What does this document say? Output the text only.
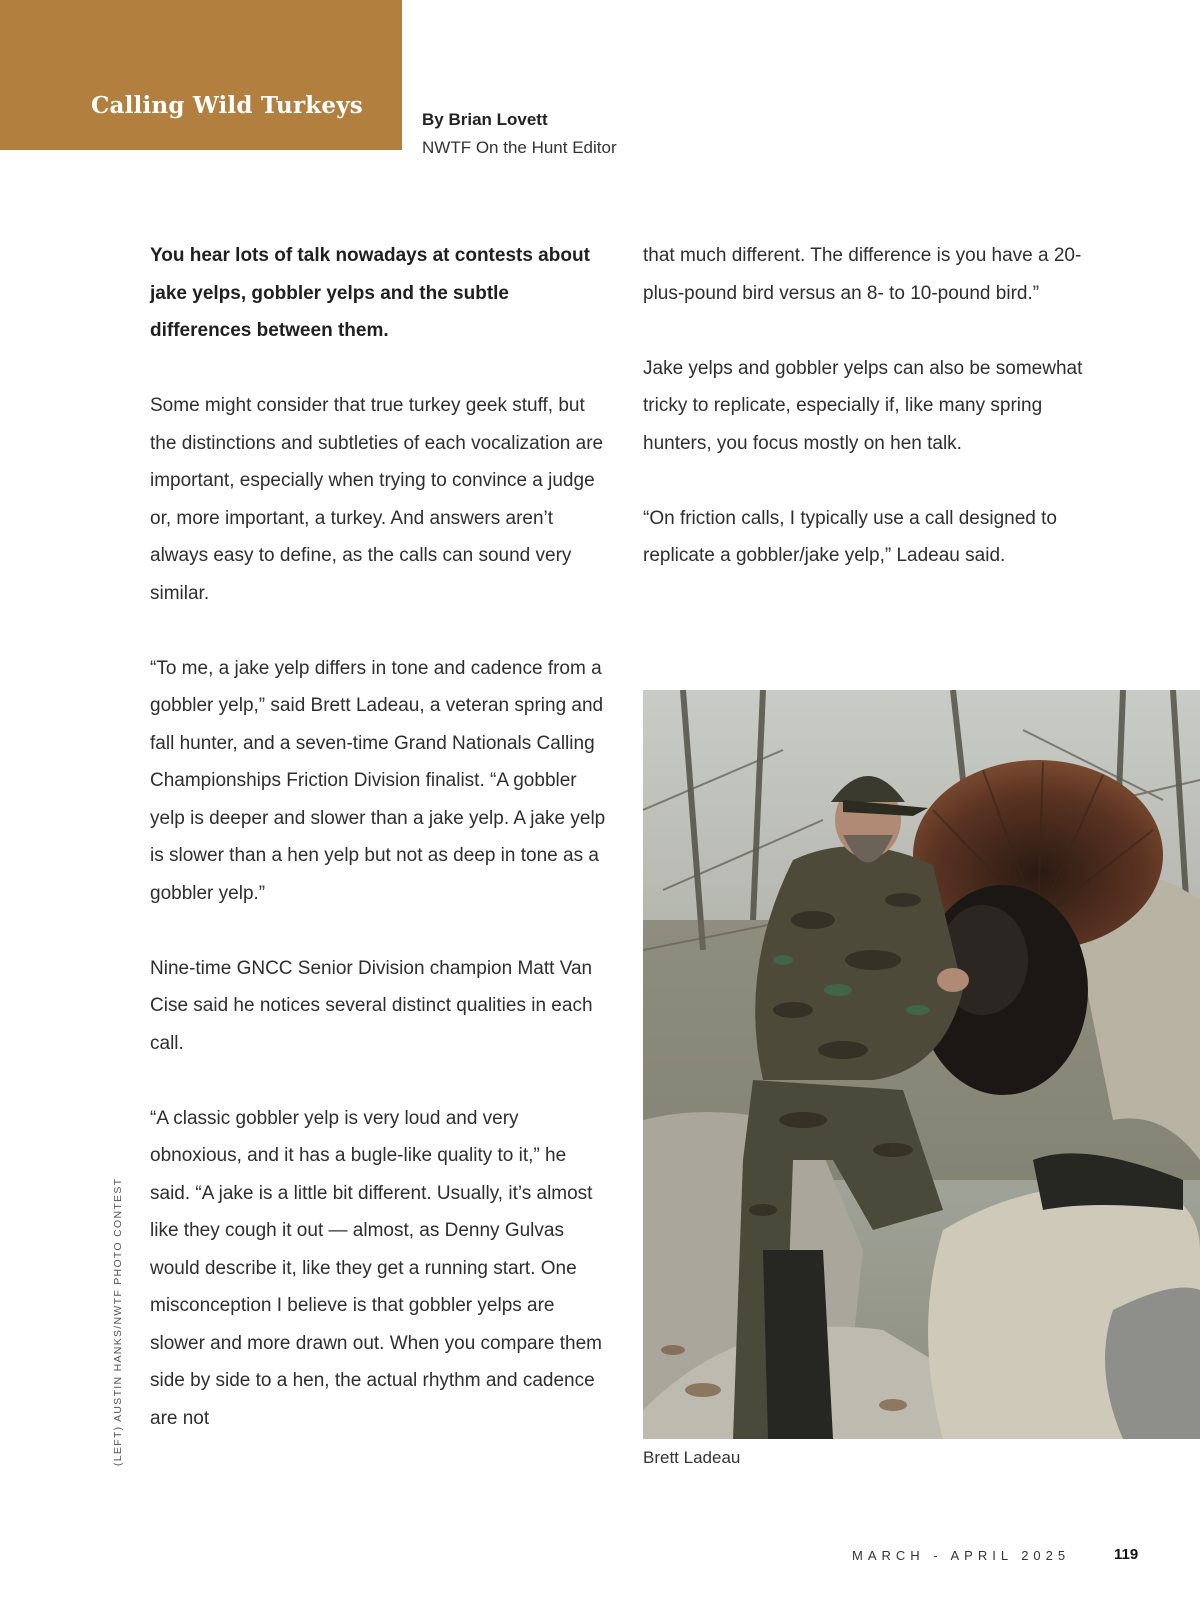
Calling Wild Turkeys
By Brian Lovett
NWTF On the Hunt Editor

You hear lots of talk nowadays at contests about jake yelps, gobbler yelps and the subtle differences between them.

Some might consider that true turkey geek stuff, but the distinctions and subtleties of each vocalization are important, especially when trying to convince a judge or, more important, a turkey. And answers aren’t always easy to define, as the calls can sound very similar.

“To me, a jake yelp differs in tone and cadence from a gobbler yelp,” said Brett Ladeau, a veteran spring and fall hunter, and a seven-time Grand Nationals Calling Championships Friction Division finalist. “A gobbler yelp is deeper and slower than a jake yelp. A jake yelp is slower than a hen yelp but not as deep in tone as a gobbler yelp.”

Nine-time GNCC Senior Division champion Matt Van Cise said he notices several distinct qualities in each call.

“A classic gobbler yelp is very loud and very obnoxious, and it has a bugle-like quality to it,” he said. “A jake is a little bit different. Usually, it’s almost like they cough it out — almost, as Denny Gulvas would describe it, like they get a running start. One misconception I believe is that gobbler yelps are slower and more drawn out. When you compare them side by side to a hen, the actual rhythm and cadence are not

that much different. The difference is you have a 20-plus-pound bird versus an 8- to 10-pound bird.”

Jake yelps and gobbler yelps can also be somewhat tricky to replicate, especially if, like many spring hunters, you focus mostly on hen talk.

“On friction calls, I typically use a call designed to replicate a gobbler/jake yelp,” Ladeau said.

Brett Ladeau
(LEFT) AUSTIN HANKS/NWTF PHOTO CONTEST
MARCH - APRIL 2025	119
